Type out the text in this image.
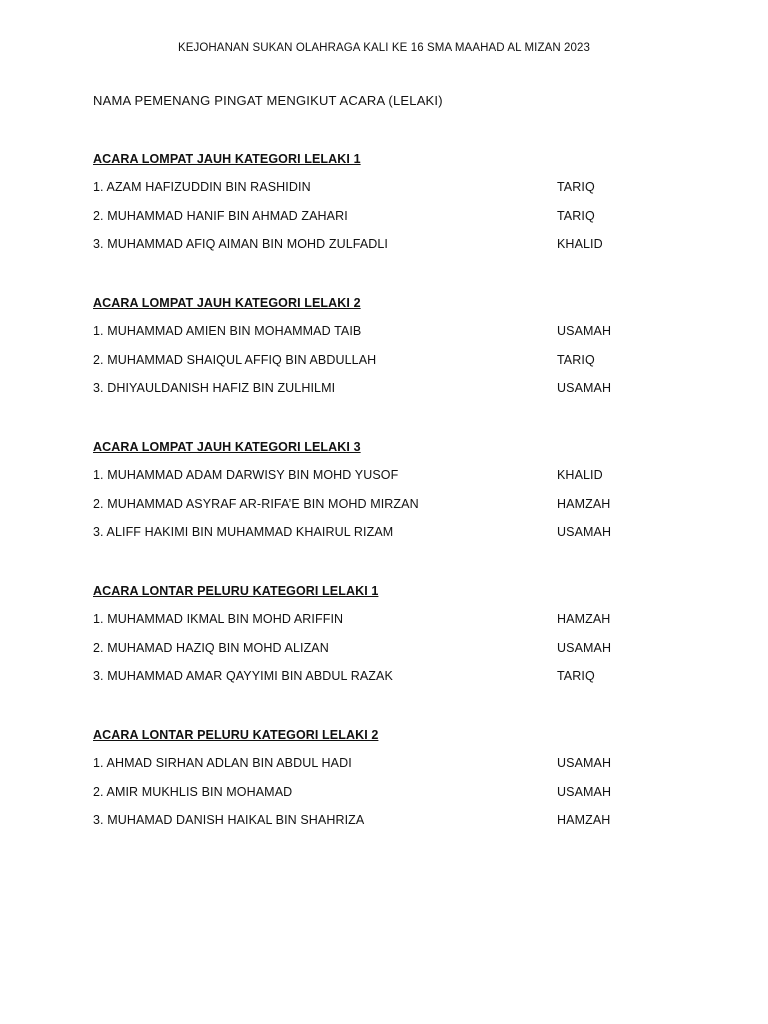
KEJOHANAN SUKAN OLAHRAGA KALI KE 16 SMA MAAHAD AL MIZAN 2023
NAMA PEMENANG PINGAT MENGIKUT ACARA (LELAKI)
ACARA LOMPAT JAUH KATEGORI LELAKI 1
1. AZAM HAFIZUDDIN BIN RASHIDIN	TARIQ
2. MUHAMMAD HANIF BIN AHMAD ZAHARI	TARIQ
3. MUHAMMAD AFIQ AIMAN BIN MOHD ZULFADLI	KHALID
ACARA LOMPAT JAUH KATEGORI LELAKI 2
1. MUHAMMAD AMIEN BIN MOHAMMAD TAIB	USAMAH
2. MUHAMMAD SHAIQUL AFFIQ BIN ABDULLAH	TARIQ
3. DHIYAULDANISH HAFIZ BIN ZULHILMI	USAMAH
ACARA LOMPAT JAUH KATEGORI LELAKI 3
1. MUHAMMAD ADAM DARWISY BIN MOHD YUSOF	KHALID
2. MUHAMMAD ASYRAF AR-RIFA’E BIN MOHD MIRZAN	HAMZAH
3. ALIFF HAKIMI BIN MUHAMMAD KHAIRUL RIZAM	USAMAH
ACARA LONTAR PELURU KATEGORI LELAKI 1
1. MUHAMMAD IKMAL BIN MOHD ARIFFIN	HAMZAH
2. MUHAMAD HAZIQ BIN MOHD ALIZAN	USAMAH
3. MUHAMMAD AMAR QAYYIMI BIN ABDUL RAZAK	TARIQ
ACARA LONTAR PELURU KATEGORI LELAKI 2
1. AHMAD SIRHAN ADLAN BIN ABDUL HADI	USAMAH
2. AMIR MUKHLIS BIN MOHAMAD	USAMAH
3. MUHAMAD DANISH HAIKAL BIN SHAHRIZA	HAMZAH
